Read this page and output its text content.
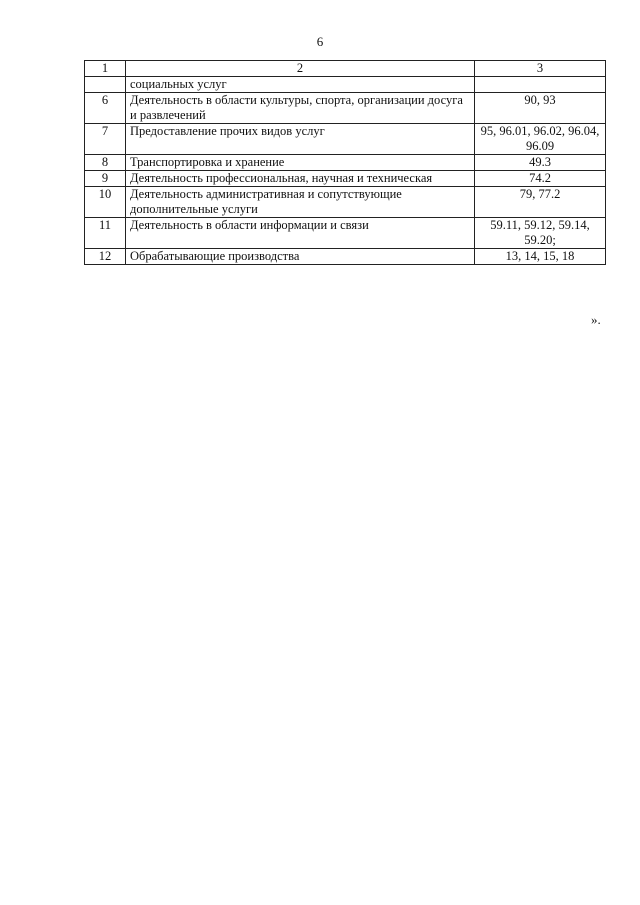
6
1	2	3
	социальных услуг	
6	Деятельность в области культуры, спорта, организации досуга и развлечений	90, 93
7	Предоставление прочих видов услуг	95, 96.01, 96.02, 96.04, 96.09
8	Транспортировка и хранение	49.3
9	Деятельность профессиональная, научная и техническая	74.2
10	Деятельность административная и сопутствующие дополнительные услуги	79, 77.2
11	Деятельность в области информации и связи	59.11, 59.12, 59.14, 59.20;
12	Обрабатывающие производства	13, 14, 15, 18
».
